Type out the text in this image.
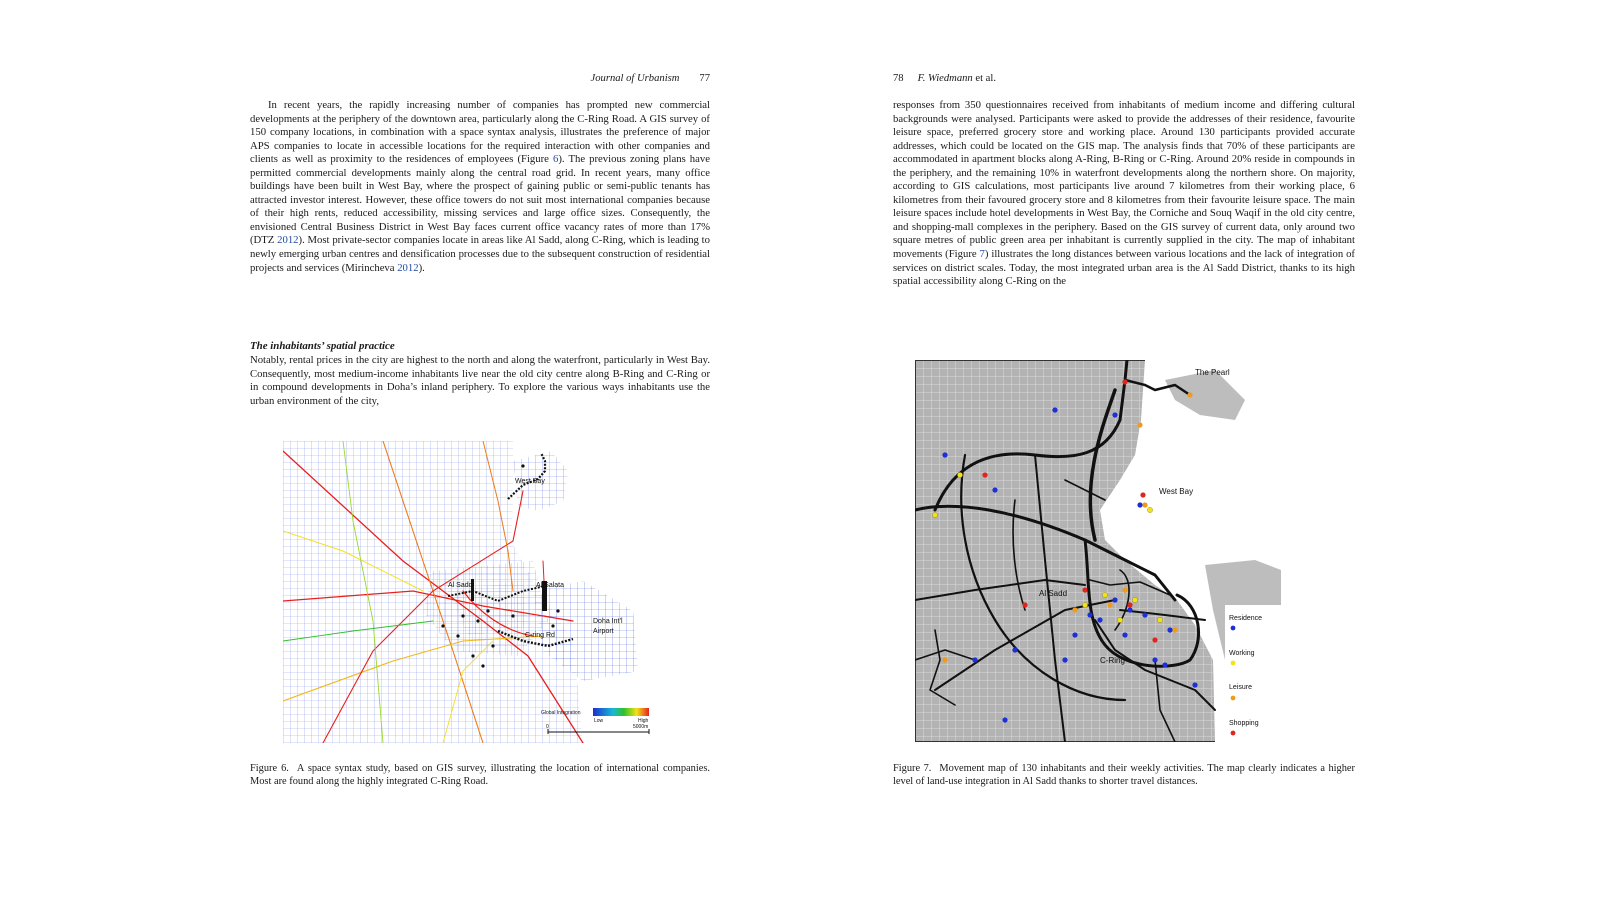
Journal of Urbanism 77

In recent years, the rapidly increasing number of companies has prompted new commercial developments at the periphery of the downtown area, particularly along the C-Ring Road. A GIS survey of 150 company locations, in combination with a space syntax analysis, illustrates the preference of major APS companies to locate in accessible locations for the required interaction with other companies and clients as well as proximity to the residences of employees (Figure 6). The previous zoning plans have permitted commercial developments mainly along the central road grid. In recent years, many office buildings have been built in West Bay, where the prospect of gaining public or semi-public tenants has attracted investor interest. However, these office towers do not suit most international companies because of their high rents, reduced accessibility, missing services and large office sizes. Consequently, the envisioned Central Business District in West Bay faces current office vacancy rates of more than 17% (DTZ 2012). Most private-sector companies locate in areas like Al Sadd, along C-Ring, which is leading to newly emerging urban centres and densification processes due to the subsequent construction of residential projects and services (Mirincheva 2012).

The inhabitants’ spatial practice

Notably, rental prices in the city are highest to the north and along the waterfront, particularly in West Bay. Consequently, most medium-income inhabitants live near the old city centre along B-Ring and C-Ring or in compound developments in Doha’s inland periphery. To explore the various ways inhabitants use the urban environment of the city,

West Bay
Al Sadd	Al Salata
C-ring Rd
Doha Int’l
Airport
Global Integration
Low	High
0	5000m

Figure 6. A space syntax study, based on GIS survey, illustrating the location of international companies. Most are found along the highly integrated C-Ring Road.

78 F. Wiedmann et al.

responses from 350 questionnaires received from inhabitants of medium income and differing cultural backgrounds were analysed. Participants were asked to provide the addresses of their residence, favourite leisure space, preferred grocery store and working place. Around 130 participants provided accurate addresses, which could be located on the GIS map. The analysis finds that 70% of these participants are accommodated in apartment blocks along A-Ring, B-Ring or C-Ring. Around 20% reside in compounds in the periphery, and the remaining 10% in waterfront developments along the northern shore. On majority, according to GIS calculations, most participants live around 7 kilometres from their working place, 6 kilometres from their favoured grocery store and 8 kilometres from their favourite leisure space. The main leisure spaces include hotel developments in West Bay, the Corniche and Souq Waqif in the old city centre, and shopping-mall complexes in the periphery. Based on the GIS survey of current data, only around two square metres of public green area per inhabitant is currently supplied in the city. The map of inhabitant movements (Figure 7) illustrates the long distances between various locations and the lack of integration of services on district scales. Today, the most integrated urban area is the Al Sadd District, thanks to its high spatial accessibility along C-Ring on the

The Pearl
West Bay
Al Sadd
C-Ring
Residence
Working
Leisure
Shopping

Figure 7. Movement map of 130 inhabitants and their weekly activities. The map clearly indicates a higher level of land-use integration in Al Sadd thanks to shorter travel distances.
